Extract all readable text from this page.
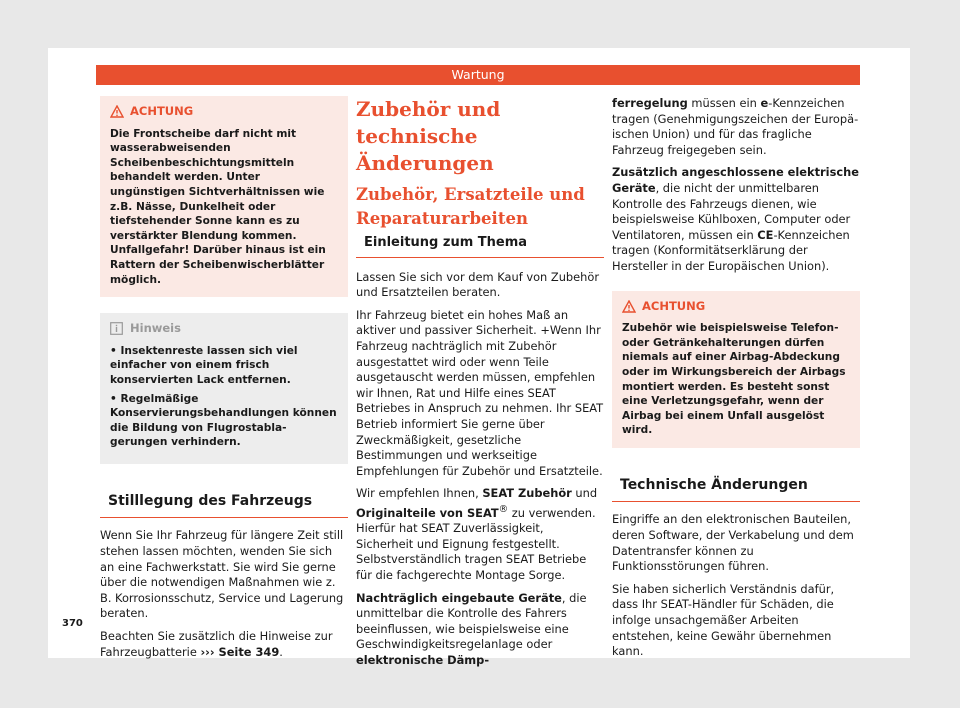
Wartung
ACHTUNG
Die Frontscheibe darf nicht mit wasserabweisenden Scheibenbeschichtungsmitteln behandelt werden. Unter ungünstigen Sichtverhältnissen wie z.B. Nässe, Dunkelheit oder tiefstehender Sonne kann es zu verstärkter Blendung kommen. Unfallgefahr! Darüber hinaus ist ein Rattern der Scheibenwischerblätter möglich.
Hinweis
• Insektenreste lassen sich viel einfacher von einem frisch konservierten Lack entfernen.
• Regelmäßige Konservierungsbehandlungen können die Bildung von Flugrostablagerungen verhindern.
Stilllegung des Fahrzeugs

Wenn Sie Ihr Fahrzeug für längere Zeit still stehen lassen möchten, wenden Sie sich an eine Fachwerkstatt. Sie wird Sie gerne über die notwendigen Maßnahmen wie z. B. Korrosionsschutz, Service und Lagerung beraten.

Beachten Sie zusätzlich die Hinweise zur Fahrzeugbatterie ››› Seite 349.

Zubehör und technische Änderungen
Zubehör, Ersatzteile und Reparaturarbeiten
Einleitung zum Thema

Lassen Sie sich vor dem Kauf von Zubehör und Ersatzteilen beraten.

Ihr Fahrzeug bietet ein hohes Maß an aktiver und passiver Sicherheit. +Wenn Ihr Fahrzeug nachträglich mit Zubehör ausgestattet wird oder wenn Teile ausgetauscht werden müssen, empfehlen wir Ihnen, Rat und Hilfe eines SEAT Betriebes in Anspruch zu nehmen. Ihr SEAT Betrieb informiert Sie gerne über Zweckmäßigkeit, gesetzliche Bestimmungen und werkseitige Empfehlungen für Zubehör und Ersatzteile.

Wir empfehlen Ihnen, SEAT Zubehör und Originalteile von SEAT® zu verwenden. Hierfür hat SEAT Zuverlässigkeit, Sicherheit und Eignung festgestellt. Selbstverständlich tragen SEAT Betriebe für die fachgerechte Montage Sorge.

Nachträglich eingebaute Geräte, die unmittelbar die Kontrolle des Fahrers beeinflussen, wie beispielsweise eine Geschwindigkeitsregelanlage oder elektronische Dämp-

ferregelung müssen ein e-Kennzeichen tragen (Genehmigungszeichen der Europäischen Union) und für das fragliche Fahrzeug freigegeben sein.

Zusätzlich angeschlossene elektrische Geräte, die nicht der unmittelbaren Kontrolle des Fahrzeugs dienen, wie beispielsweise Kühlboxen, Computer oder Ventilatoren, müssen ein CE-Kennzeichen tragen (Konformitätserklärung der Hersteller in der Europäischen Union).

ACHTUNG
Zubehör wie beispielsweise Telefon- oder Getränkehalterungen dürfen niemals auf einer Airbag-Abdeckung oder im Wirkungsbereich der Airbags montiert werden. Es besteht sonst eine Verletzungsgefahr, wenn der Airbag bei einem Unfall ausgelöst wird.
Technische Änderungen

Eingriffe an den elektronischen Bauteilen, deren Software, der Verkabelung und dem Datentransfer können zu Funktionsstörungen führen.

Sie haben sicherlich Verständnis dafür, dass Ihr SEAT-Händler für Schäden, die infolge unsachgemäßer Arbeiten entstehen, keine Gewähr übernehmen kann.

370
